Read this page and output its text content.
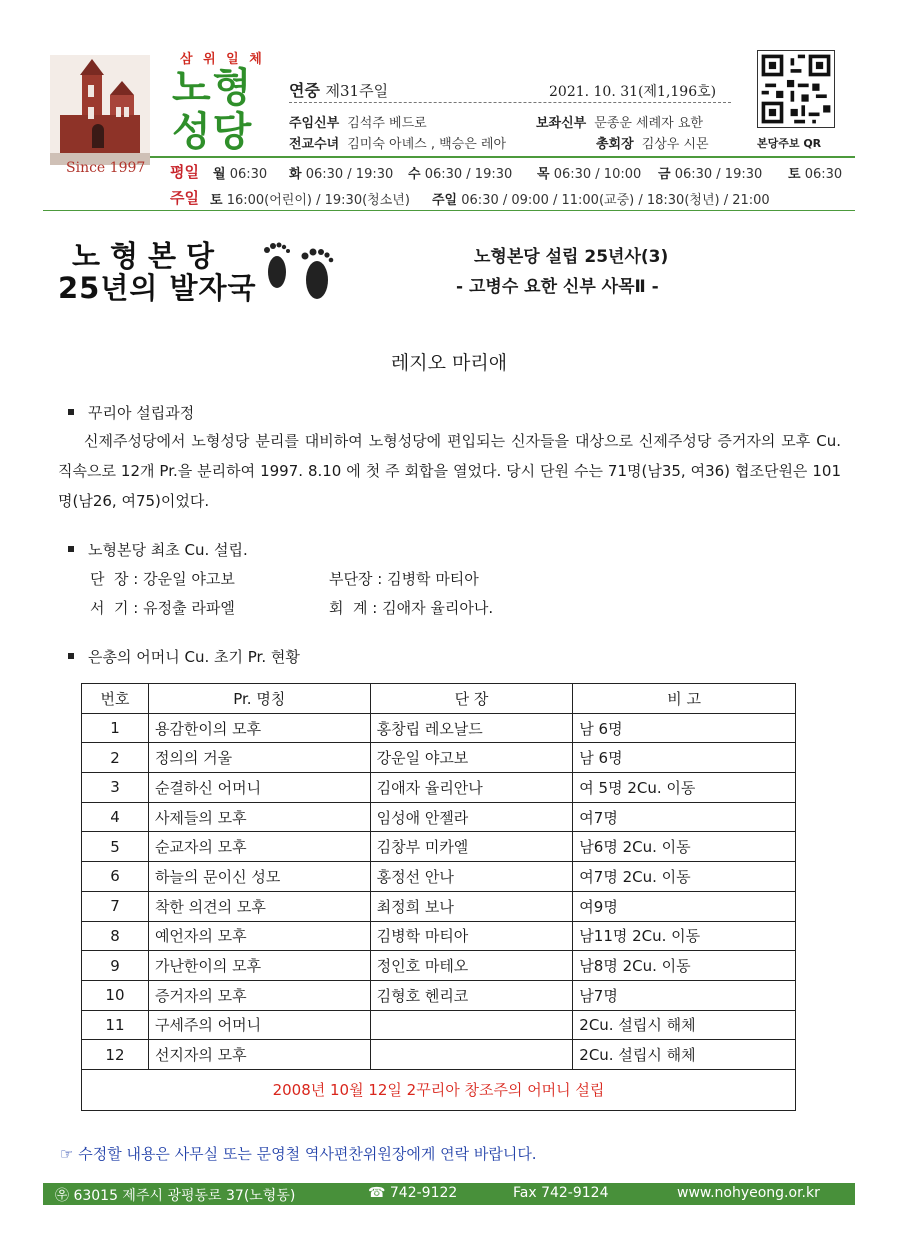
Since 1997
삼 위 일 체
노형
성당
연중 제31주일	2021. 10. 31(제1,196호)
주임신부 김석주 베드로	보좌신부 문종운 세례자 요한
전교수녀 김미숙 아녜스 , 백승은 레아	총회장 김상우 시몬	본당주보 QR
평일 월 06:30 화 06:30 / 19:30 수 06:30 / 19:30 목 06:30 / 10:00 금 06:30 / 19:30 토 06:30
주일 토 16:00(어린이) / 19:30(청소년) 주일 06:30 / 09:00 / 11:00(교중) / 18:30(청년) / 21:00
노형본당
25년의 발자국
노형본당 설립 25년사(3)
- 고병수 요한 신부 사목Ⅱ -
레지오 마리애
꾸리아 설립과정
신제주성당에서 노형성당 분리를 대비하여 노형성당에 편입되는 신자들을 대상으로 신제주성당 증거자의 모후 Cu. 직속으로 12개 Pr.을 분리하여 1997. 8.10 에 첫 주 회합을 열었다. 당시 단원 수는 71명(남35, 여36) 협조단원은 101명(남26, 여75)이었다.
노형본당 최초 Cu. 설립.
단  장 : 강운일 야고보	부단장 : 김병학 마티아
서  기 : 유정출 라파엘	회  계 : 김애자 율리아나.
은총의 어머니 Cu. 초기 Pr. 현황
번호	Pr. 명칭	단 장	비 고
1	용감한이의 모후	홍창립 레오날드	남 6명
2	정의의 거울	강운일 야고보	남 6명
3	순결하신 어머니	김애자 율리안나	여 5명 2Cu. 이동
4	사제들의 모후	임성애 안젤라	여7명
5	순교자의 모후	김창부 미카엘	남6명 2Cu. 이동
6	하늘의 문이신 성모	홍정선 안나	여7명 2Cu. 이동
7	착한 의견의 모후	최정희 보나	여9명
8	예언자의 모후	김병학 마티아	남11명 2Cu. 이동
9	가난한이의 모후	정인호 마테오	남8명 2Cu. 이동
10	증거자의 모후	김형호 헨리코	남7명
11	구세주의 어머니		2Cu. 설립시 해체
12	선지자의 모후		2Cu. 설립시 해체
2008년 10월 12일 2꾸리아 창조주의 어머니 설립			
☞ 수정할 내용은 사무실 또는 문영철 역사편찬위원장에게 연락 바랍니다.
㉾ 63015 제주시 광평동로 37(노형동)	☎ 742-9122	Fax 742-9124	www.nohyeong.or.kr
